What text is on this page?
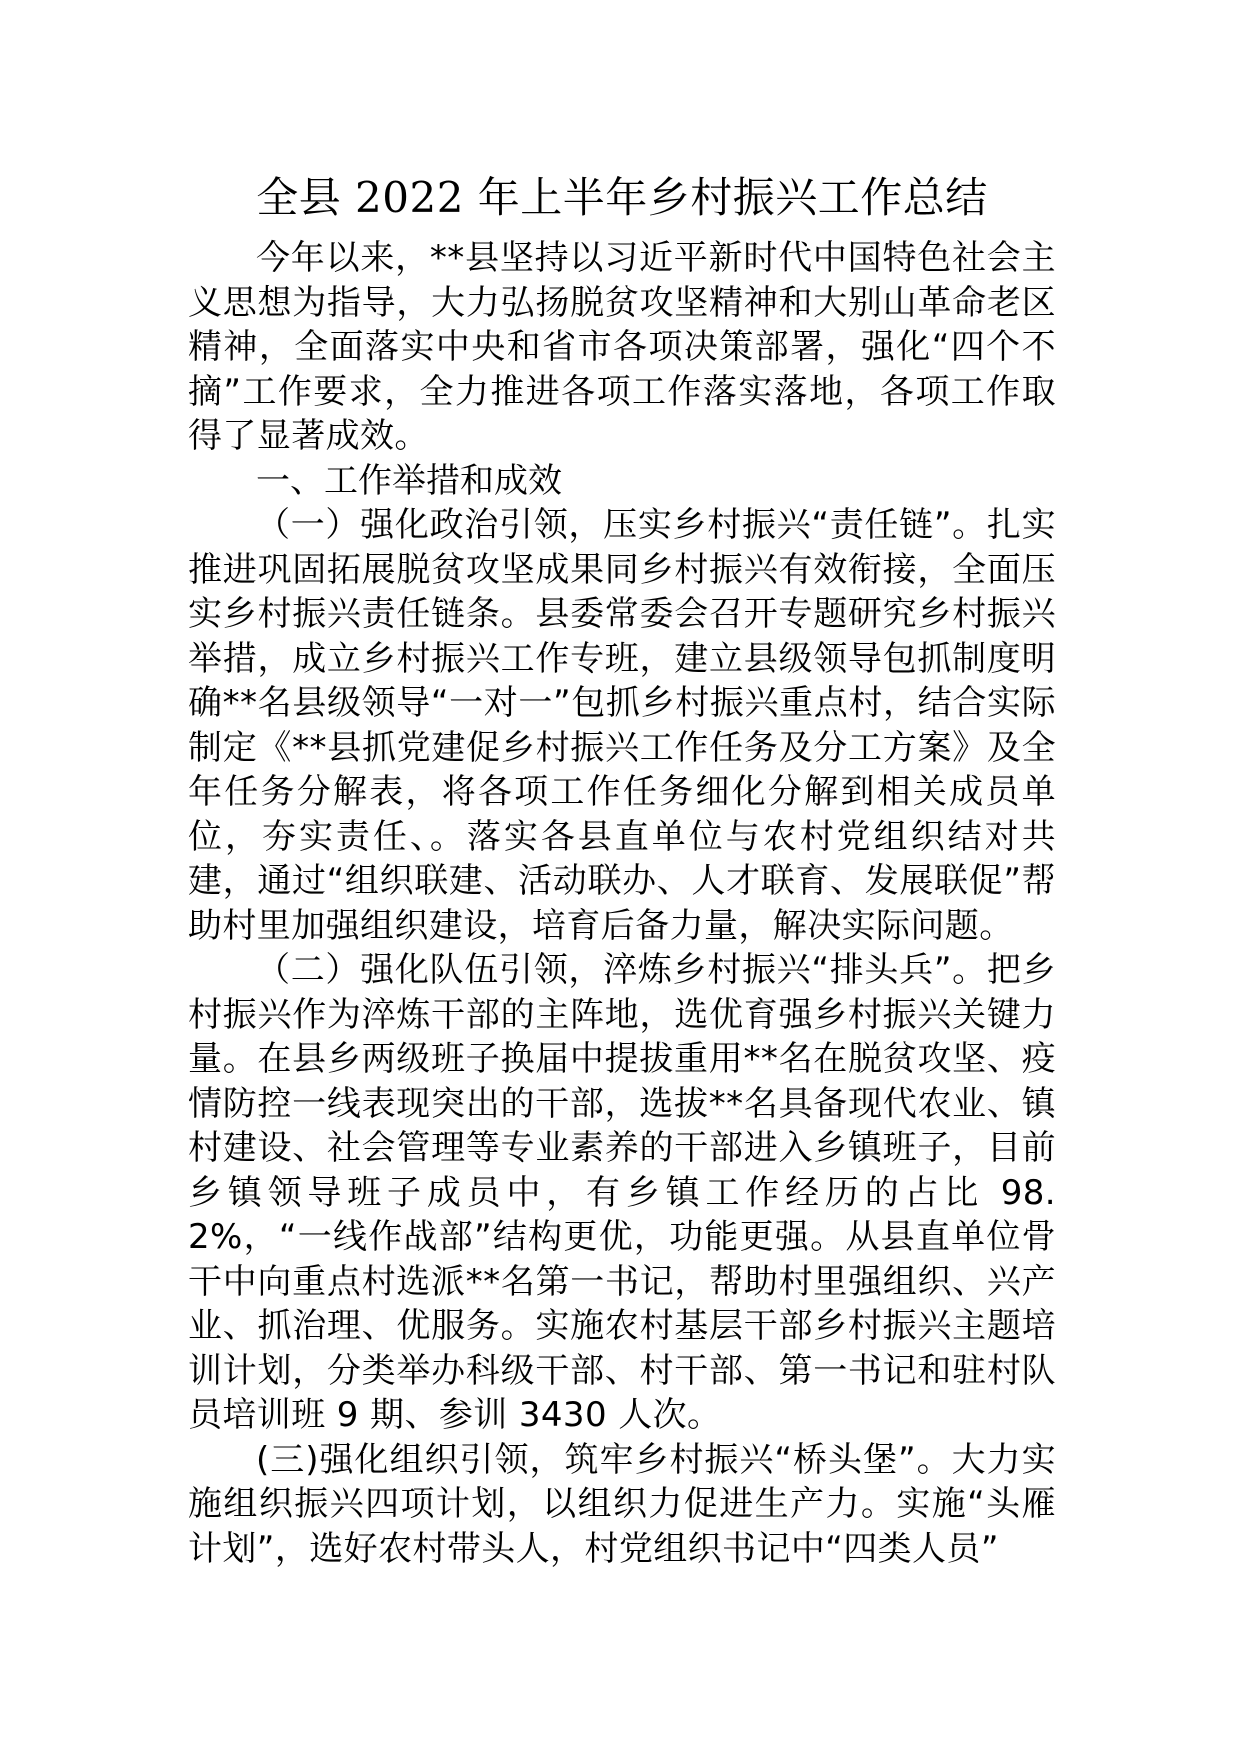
全县 2022 年上半年乡村振兴工作总结

今年以来，**县坚持以习近平新时代中国特色社会主义思想为指导，大力弘扬脱贫攻坚精神和大别山革命老区精神，全面落实中央和省市各项决策部署，强化“四个不摘”工作要求，全力推进各项工作落实落地，各项工作取得了显著成效。

一、工作举措和成效

（一）强化政治引领，压实乡村振兴“责任链”。扎实推进巩固拓展脱贫攻坚成果同乡村振兴有效衔接，全面压实乡村振兴责任链条。县委常委会召开专题研究乡村振兴举措，成立乡村振兴工作专班，建立县级领导包抓制度明确**名县级领导“一对一”包抓乡村振兴重点村，结合实际制定《**县抓党建促乡村振兴工作任务及分工方案》及全年任务分解表，将各项工作任务细化分解到相关成员单位，夯实责任、。落实各县直单位与农村党组织结对共建，通过“组织联建、活动联办、人才联育、发展联促”帮助村里加强组织建设，培育后备力量，解决实际问题。

（二）强化队伍引领，淬炼乡村振兴“排头兵”。把乡村振兴作为淬炼干部的主阵地，选优育强乡村振兴关键力量。在县乡两级班子换届中提拔重用**名在脱贫攻坚、疫情防控一线表现突出的干部，选拔**名具备现代农业、镇村建设、社会管理等专业素养的干部进入乡镇班子，目前乡镇领导班子成员中，有乡镇工作经历的占比 98.2%，“一线作战部”结构更优，功能更强。从县直单位骨干中向重点村选派**名第一书记，帮助村里强组织、兴产业、抓治理、优服务。实施农村基层干部乡村振兴主题培训计划，分类举办科级干部、村干部、第一书记和驻村队员培训班 9 期、参训 3430 人次。

(三)强化组织引领，筑牢乡村振兴“桥头堡”。大力实施组织振兴四项计划，以组织力促进生产力。实施“头雁计划”，选好农村带头人，村党组织书记中“四类人员”
